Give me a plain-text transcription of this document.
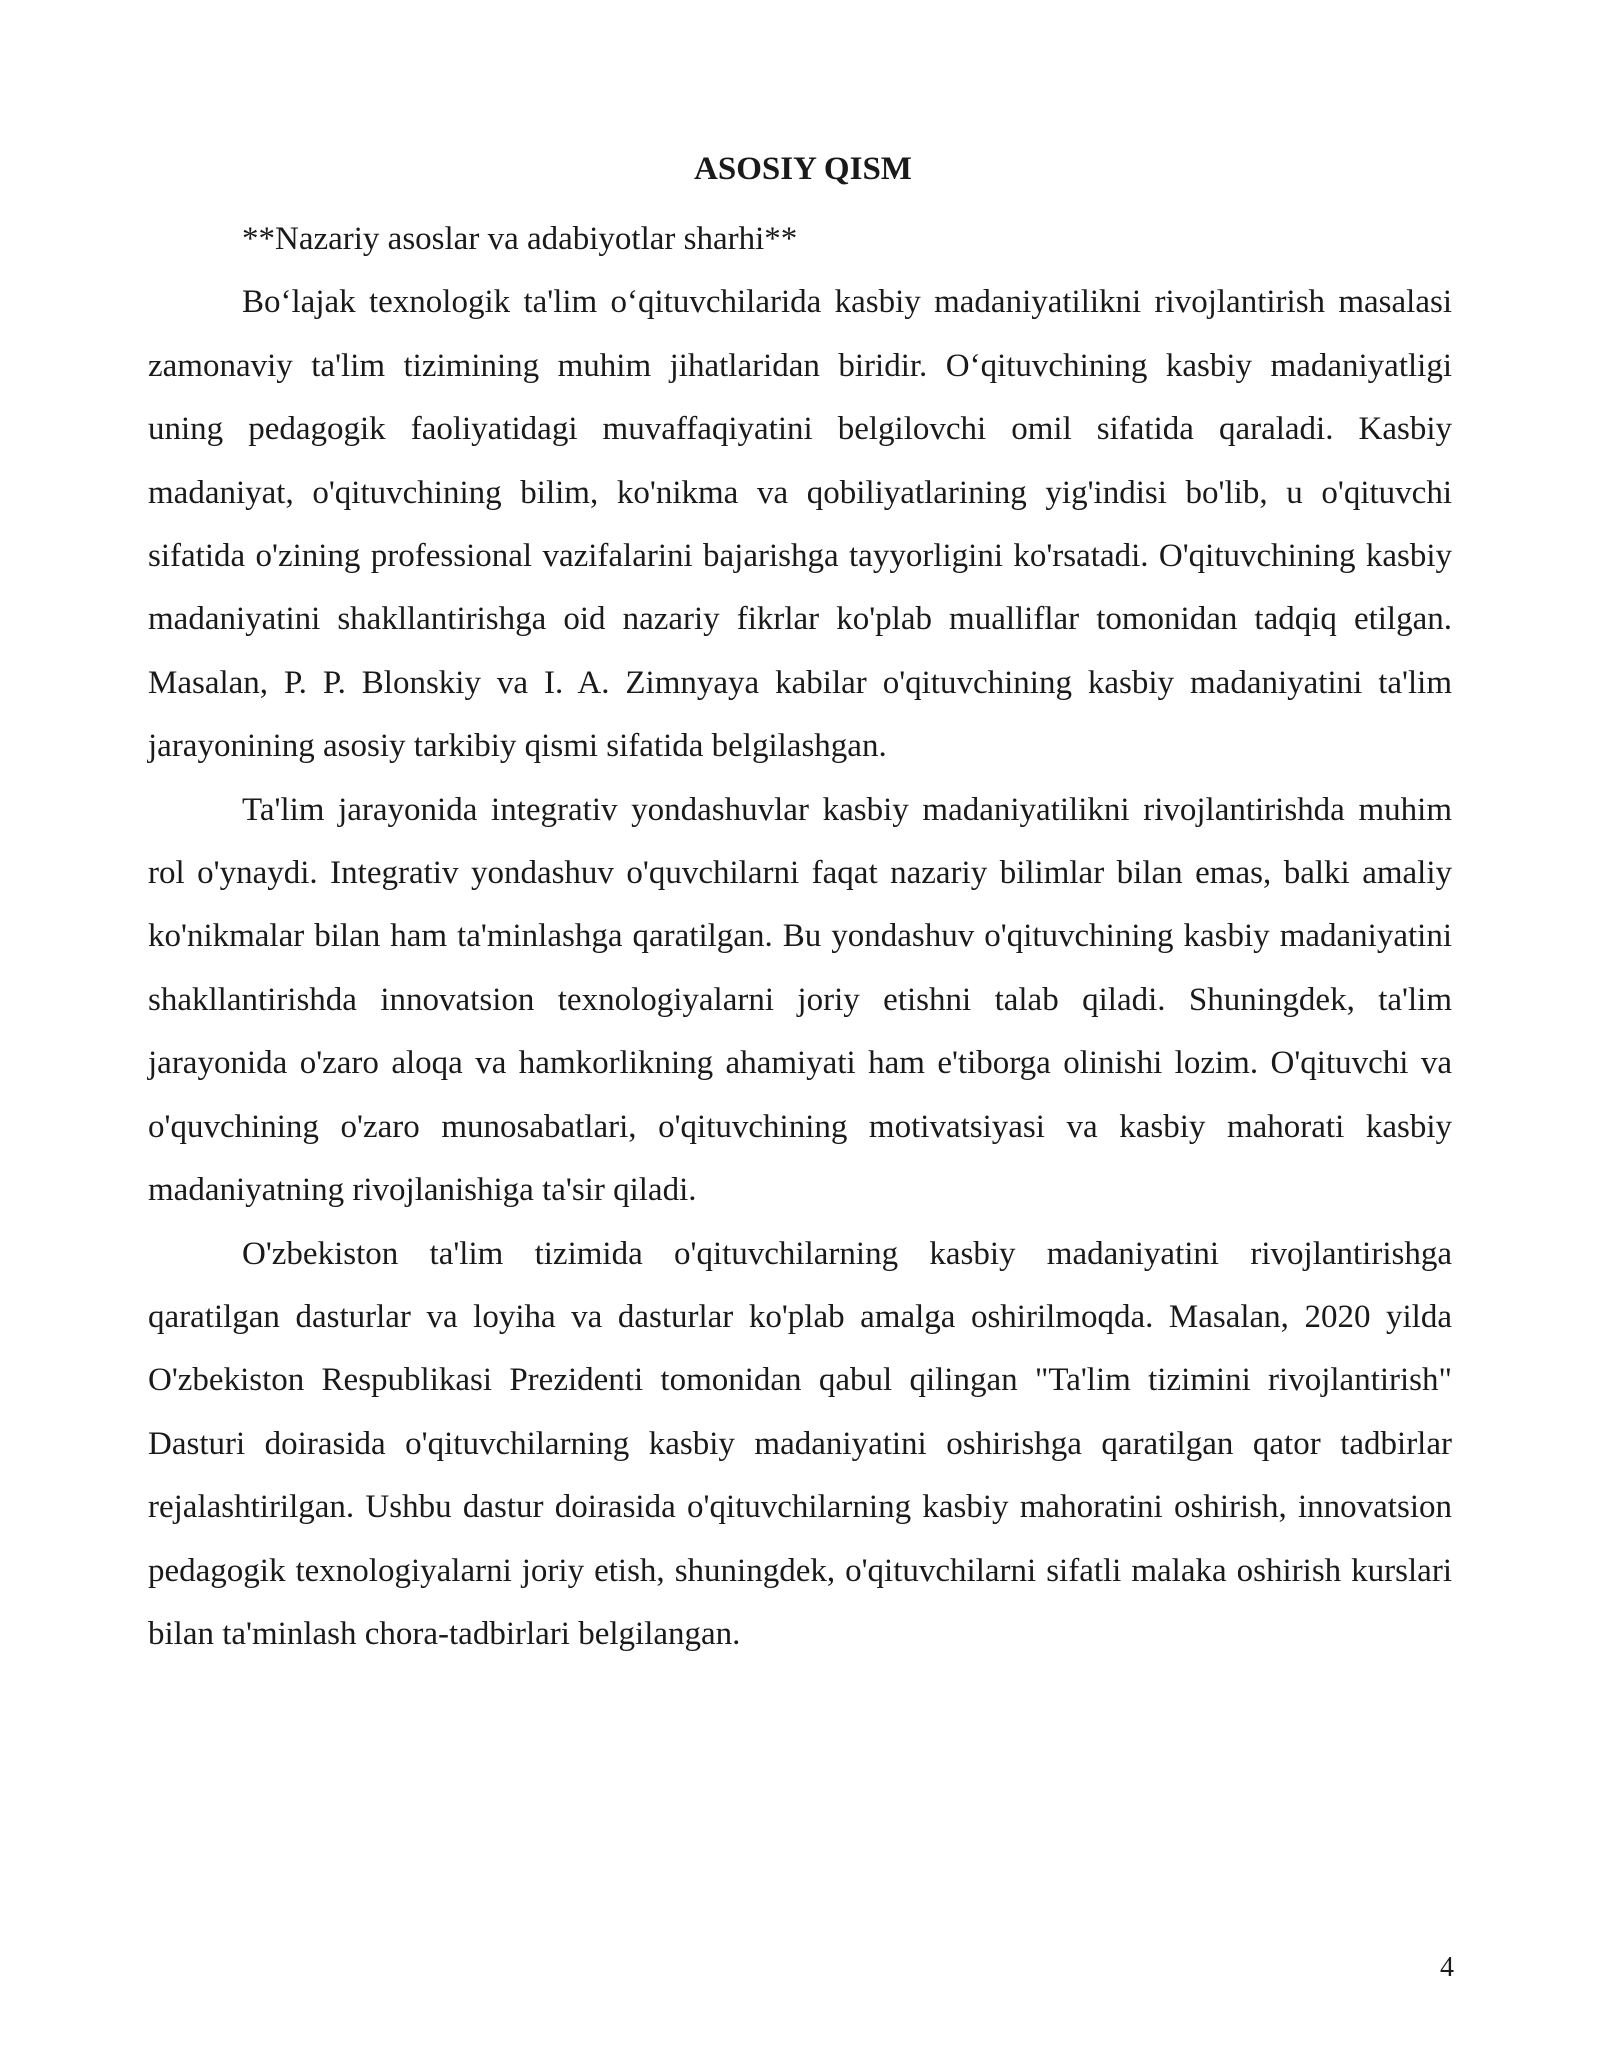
ASOSIY QISM

**Nazariy asoslar va adabiyotlar sharhi**

Bo‘lajak texnologik ta'lim o‘qituvchilarida kasbiy madaniyatilikni rivojlantirish masalasi zamonaviy ta'lim tizimining muhim jihatlaridan biridir. O‘qituvchining kasbiy madaniyatligi uning pedagogik faoliyatidagi muvaffaqiyatini belgilovchi omil sifatida qaraladi. Kasbiy madaniyat, o'qituvchining bilim, ko'nikma va qobiliyatlarining yig'indisi bo'lib, u o'qituvchi sifatida o'zining professional vazifalarini bajarishga tayyorligini ko'rsatadi. O'qituvchining kasbiy madaniyatini shakllantirishga oid nazariy fikrlar ko'plab mualliflar tomonidan tadqiq etilgan. Masalan, P. P. Blonskiy va I. A. Zimnyaya kabilar o'qituvchining kasbiy madaniyatini ta'lim jarayonining asosiy tarkibiy qismi sifatida belgilashgan.

Ta'lim jarayonida integrativ yondashuvlar kasbiy madaniyatilikni rivojlantirishda muhim rol o'ynaydi. Integrativ yondashuv o'quvchilarni faqat nazariy bilimlar bilan emas, balki amaliy ko'nikmalar bilan ham ta'minlashga qaratilgan. Bu yondashuv o'qituvchining kasbiy madaniyatini shakllantirishda innovatsion texnologiyalarni joriy etishni talab qiladi. Shuningdek, ta'lim jarayonida o'zaro aloqa va hamkorlikning ahamiyati ham e'tiborga olinishi lozim. O'qituvchi va o'quvchining o'zaro munosabatlari, o'qituvchining motivatsiyasi va kasbiy mahorati kasbiy madaniyatning rivojlanishiga ta'sir qiladi.

O'zbekiston ta'lim tizimida o'qituvchilarning kasbiy madaniyatini rivojlantirishga qaratilgan dasturlar va loyiha va dasturlar ko'plab amalga oshirilmoqda. Masalan, 2020 yilda O'zbekiston Respublikasi Prezidenti tomonidan qabul qilingan "Ta'lim tizimini rivojlantirish" Dasturi doirasida o'qituvchilarning kasbiy madaniyatini oshirishga qaratilgan qator tadbirlar rejalashtirilgan. Ushbu dastur doirasida o'qituvchilarning kasbiy mahoratini oshirish, innovatsion pedagogik texnologiyalarni joriy etish, shuningdek, o'qituvchilarni sifatli malaka oshirish kurslari bilan ta'minlash chora-tadbirlari belgilangan.

4
